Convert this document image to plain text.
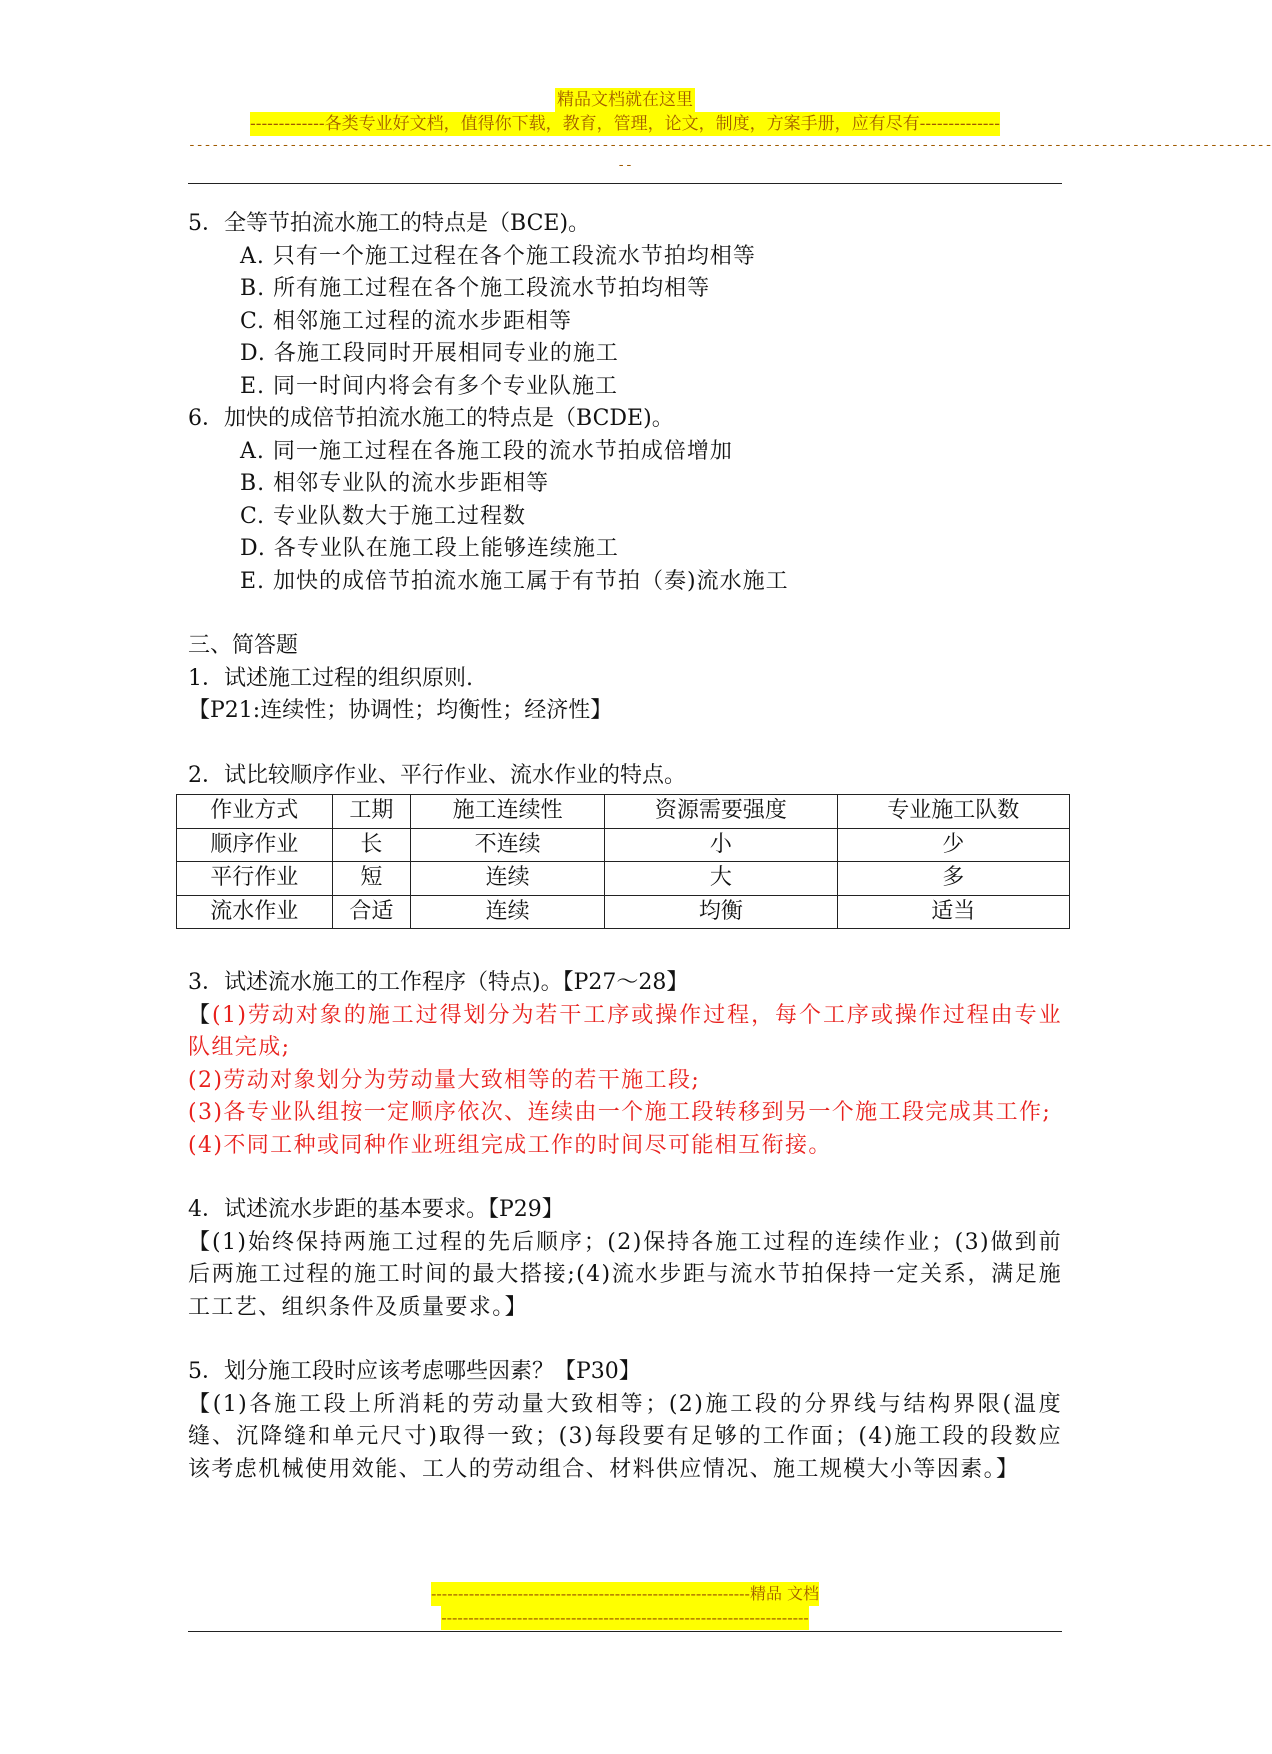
精品文档就在这里
-------------各类专业好文档，值得你下载，教育，管理，论文，制度，方案手册，应有尽有--------------
-------------------------------------------------------------------------------------------------------------------------------------------
--
5．全等节拍流水施工的特点是（BCE)。
A. 只有一个施工过程在各个施工段流水节拍均相等
B. 所有施工过程在各个施工段流水节拍均相等
C. 相邻施工过程的流水步距相等
D. 各施工段同时开展相同专业的施工
E. 同一时间内将会有多个专业队施工
6．加快的成倍节拍流水施工的特点是（BCDE)。
A. 同一施工过程在各施工段的流水节拍成倍增加
B. 相邻专业队的流水步距相等
C. 专业队数大于施工过程数
D. 各专业队在施工段上能够连续施工
E. 加快的成倍节拍流水施工属于有节拍（奏)流水施工
三、简答题
1．试述施工过程的组织原则.
【P21:连续性；协调性；均衡性；经济性】
2．试比较顺序作业、平行作业、流水作业的特点。
作业方式	工期	施工连续性	资源需要强度	专业施工队数
顺序作业	长	不连续	小	少
平行作业	短	连续	大	多
流水作业	合适	连续	均衡	适当
3．试述流水施工的工作程序（特点)。【P27～28】
【(1)劳动对象的施工过得划分为若干工序或操作过程，每个工序或操作过程由专业队组完成;
(2)劳动对象划分为劳动量大致相等的若干施工段;
(3)各专业队组按一定顺序依次、连续由一个施工段转移到另一个施工段完成其工作;
(4)不同工种或同种作业班组完成工作的时间尽可能相互衔接。
4．试述流水步距的基本要求。【P29】
【(1)始终保持两施工过程的先后顺序；(2)保持各施工过程的连续作业；(3)做到前后两施工过程的施工时间的最大搭接;(4)流水步距与流水节拍保持一定关系，满足施工工艺、组织条件及质量要求。】
5．划分施工段时应该考虑哪些因素？【P30】
【(1)各施工段上所消耗的劳动量大致相等；(2)施工段的分界线与结构界限(温度缝、沉降缝和单元尺寸)取得一致；(3)每段要有足够的工作面；(4)施工段的段数应该考虑机械使用效能、工人的劳动组合、材料供应情况、施工规模大小等因素。】
-----------------------------------------------------------精品 文档
--------------------------------------------------------------------
